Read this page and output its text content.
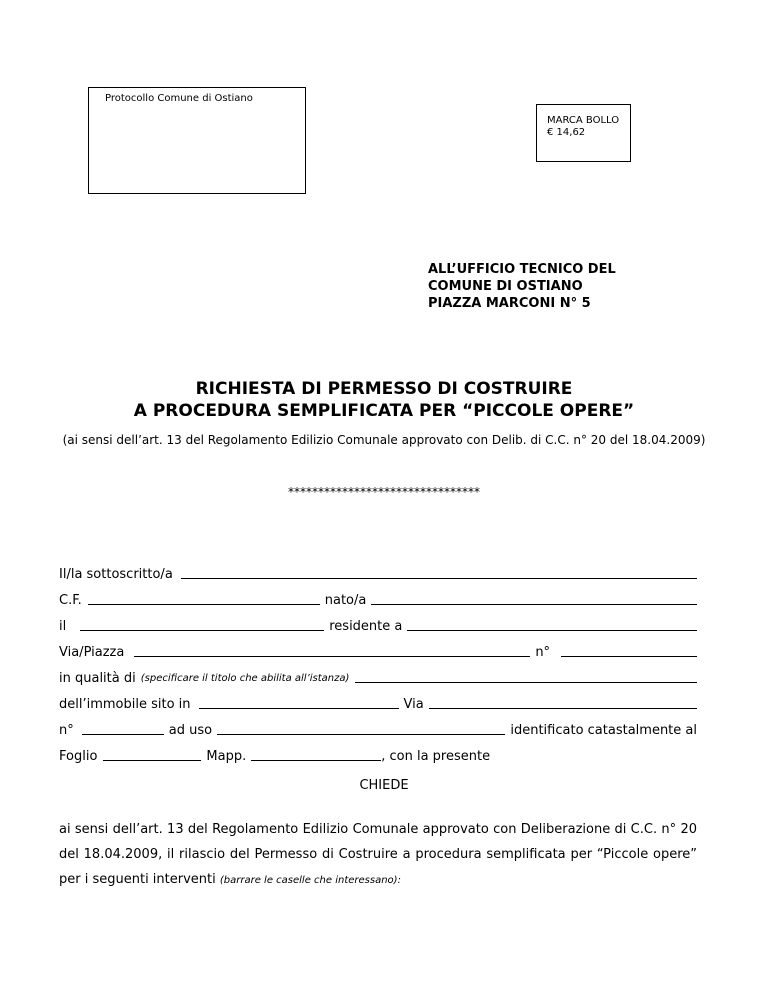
Protocollo Comune di Ostiano
MARCA BOLLO
€ 14,62
ALL’UFFICIO TECNICO DEL
COMUNE DI OSTIANO
PIAZZA MARCONI N° 5
RICHIESTA DI PERMESSO DI COSTRUIRE
A PROCEDURA SEMPLIFICATA PER “PICCOLE OPERE”
(ai sensi dell’art. 13 del Regolamento Edilizio Comunale approvato con Delib. di C.C. n° 20 del 18.04.2009)
********************************
Il/la sottoscritto/a
C.F.	nato/a
il	residente a
Via/Piazza	n°
in qualità di (specificare il titolo che abilita all’istanza)
dell’immobile sito in	Via
n°	ad uso	identificato catastalmente al
Foglio	Mapp.	, con la presente
CHIEDE
ai sensi dell’art. 13 del Regolamento Edilizio Comunale approvato con Deliberazione di C.C. n° 20 del 18.04.2009, il rilascio del Permesso di Costruire a procedura semplificata per “Piccole opere” per i seguenti interventi (barrare le caselle che interessano):
